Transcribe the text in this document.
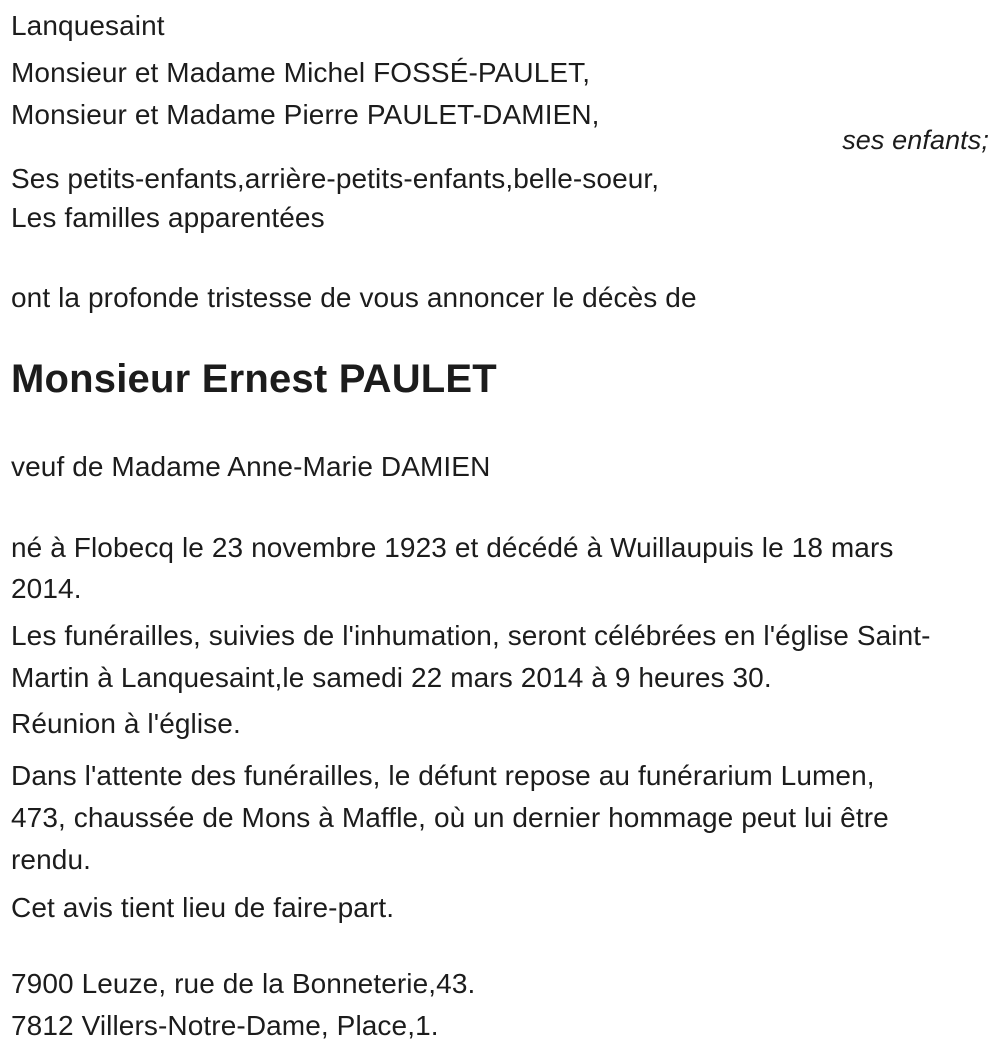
Lanquesaint
Monsieur et Madame Michel FOSSÉ-PAULET,
Monsieur et Madame Pierre PAULET-DAMIEN,
ses enfants;
Ses petits-enfants,arrière-petits-enfants,belle-soeur,
Les familles apparentées
ont la profonde tristesse de vous annoncer le décès de
Monsieur Ernest PAULET
veuf de Madame Anne-Marie DAMIEN
né à Flobecq le 23 novembre 1923 et décédé à Wuillaupuis le 18 mars
2014.
Les funérailles, suivies de l'inhumation, seront célébrées en l'église Saint-
Martin à Lanquesaint,le samedi 22 mars 2014 à 9 heures 30.
Réunion à l'église.
Dans l'attente des funérailles, le défunt repose au funérarium Lumen,
473, chaussée de Mons à Maffle, où un dernier hommage peut lui être
rendu.
Cet avis tient lieu de faire-part.
7900 Leuze, rue de la Bonneterie,43.
7812 Villers-Notre-Dame, Place,1.
